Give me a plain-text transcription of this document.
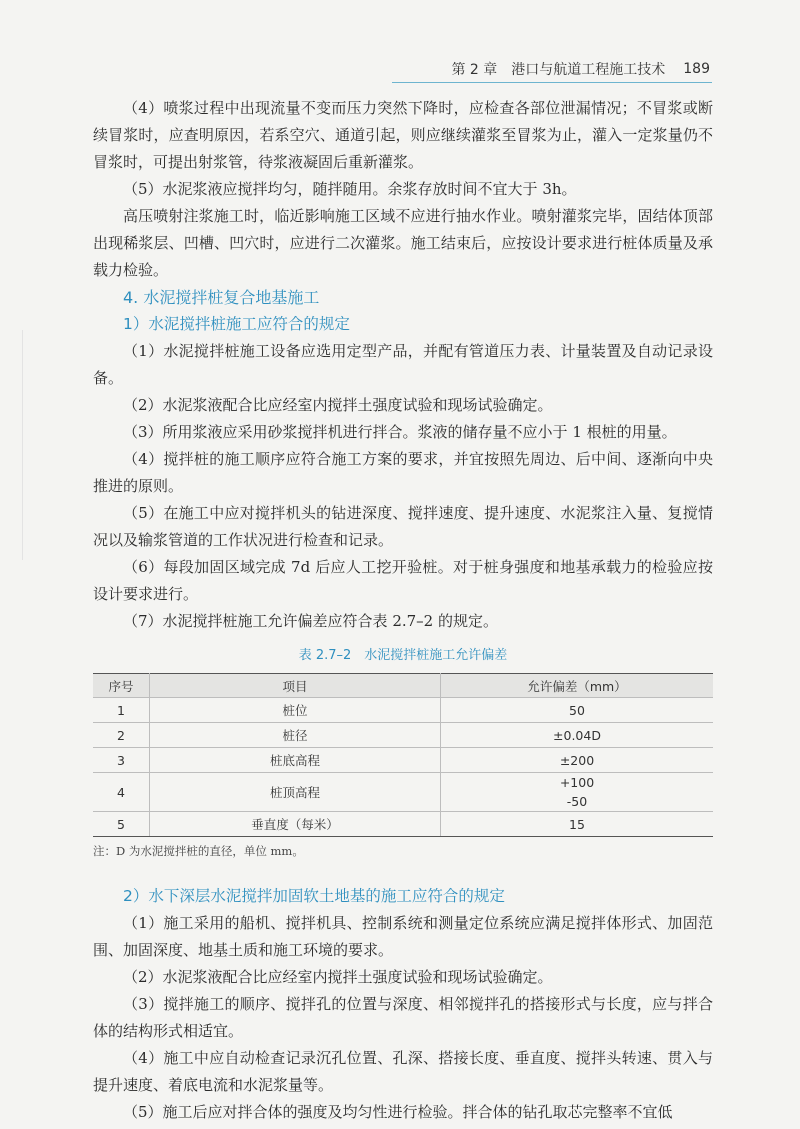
第 2 章　港口与航道工程施工技术 189

（4）喷浆过程中出现流量不变而压力突然下降时，应检查各部位泄漏情况；不冒浆或断续冒浆时，应查明原因，若系空穴、通道引起，则应继续灌浆至冒浆为止，灌入一定浆量仍不冒浆时，可提出射浆管，待浆液凝固后重新灌浆。

（5）水泥浆液应搅拌均匀，随拌随用。余浆存放时间不宜大于 3h。

高压喷射注浆施工时，临近影响施工区域不应进行抽水作业。喷射灌浆完毕，固结体顶部出现稀浆层、凹槽、凹穴时，应进行二次灌浆。施工结束后，应按设计要求进行桩体质量及承载力检验。

4. 水泥搅拌桩复合地基施工

1）水泥搅拌桩施工应符合的规定

（1）水泥搅拌桩施工设备应选用定型产品，并配有管道压力表、计量装置及自动记录设备。

（2）水泥浆液配合比应经室内搅拌土强度试验和现场试验确定。

（3）所用浆液应采用砂浆搅拌机进行拌合。浆液的储存量不应小于 1 根桩的用量。

（4）搅拌桩的施工顺序应符合施工方案的要求，并宜按照先周边、后中间、逐渐向中央推进的原则。

（5）在施工中应对搅拌机头的钻进深度、搅拌速度、提升速度、水泥浆注入量、复搅情况以及输浆管道的工作状况进行检查和记录。

（6）每段加固区域完成 7d 后应人工挖开验桩。对于桩身强度和地基承载力的检验应按设计要求进行。

（7）水泥搅拌桩施工允许偏差应符合表 2.7–2 的规定。

表 2.7–2　水泥搅拌桩施工允许偏差
序号	项目	允许偏差（mm）
1	桩位	50
2	桩径	±0.04D
3	桩底高程	±200
4	桩顶高程	+100
-50

5	垂直度（每米）	15
注：D 为水泥搅拌桩的直径，单位 mm。

2）水下深层水泥搅拌加固软土地基的施工应符合的规定

（1）施工采用的船机、搅拌机具、控制系统和测量定位系统应满足搅拌体形式、加固范围、加固深度、地基土质和施工环境的要求。

（2）水泥浆液配合比应经室内搅拌土强度试验和现场试验确定。

（3）搅拌施工的顺序、搅拌孔的位置与深度、相邻搅拌孔的搭接形式与长度，应与拌合体的结构形式相适宜。

（4）施工中应自动检查记录沉孔位置、孔深、搭接长度、垂直度、搅拌头转速、贯入与提升速度、着底电流和水泥浆量等。

（5）施工后应对拌合体的强度及均匀性进行检验。拌合体的钻孔取芯完整率不宜低
